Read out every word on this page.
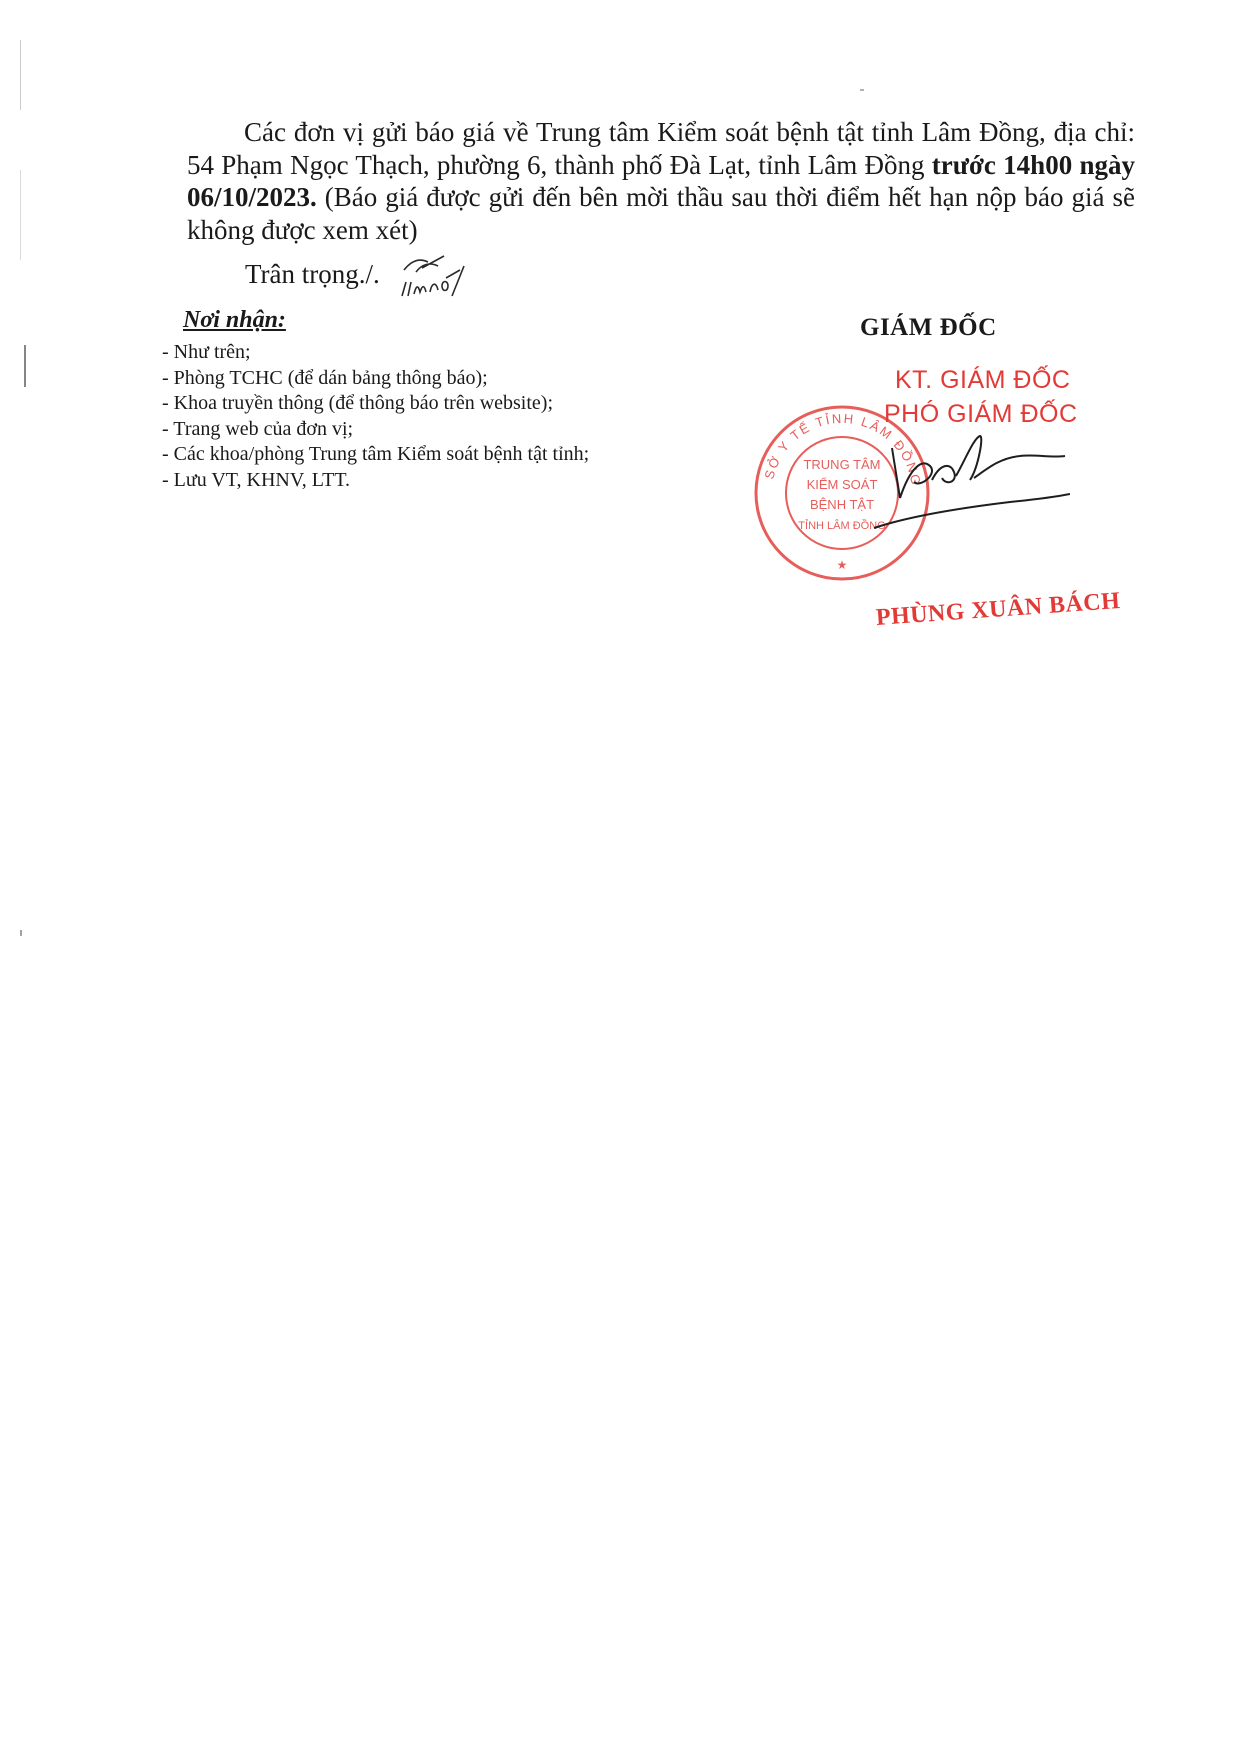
Các đơn vị gửi báo giá về Trung tâm Kiểm soát bệnh tật tỉnh Lâm Đồng, địa chỉ: 54 Phạm Ngọc Thạch, phường 6, thành phố Đà Lạt, tỉnh Lâm Đồng trước 14h00 ngày 06/10/2023. (Báo giá được gửi đến bên mời thầu sau thời điểm hết hạn nộp báo giá sẽ không được xem xét)

Trân trọng./.
Nơi nhận:
- Như trên;
- Phòng TCHC (để dán bảng thông báo);
- Khoa truyền thông (để thông báo trên website);
- Trang web của đơn vị;
- Các khoa/phòng Trung tâm Kiểm soát bệnh tật tỉnh;
- Lưu VT, KHNV, LTT.
GIÁM ĐỐC
SỞ Y TẾ TỈNH LÂM ĐỒNG
TRUNG TÂM
KIỂM SOÁT
BỆNH TẬT
TỈNH LÂM ĐỒNG
★
KT. GIÁM ĐỐC
PHÓ GIÁM ĐỐC
PHÙNG XUÂN BÁCH
